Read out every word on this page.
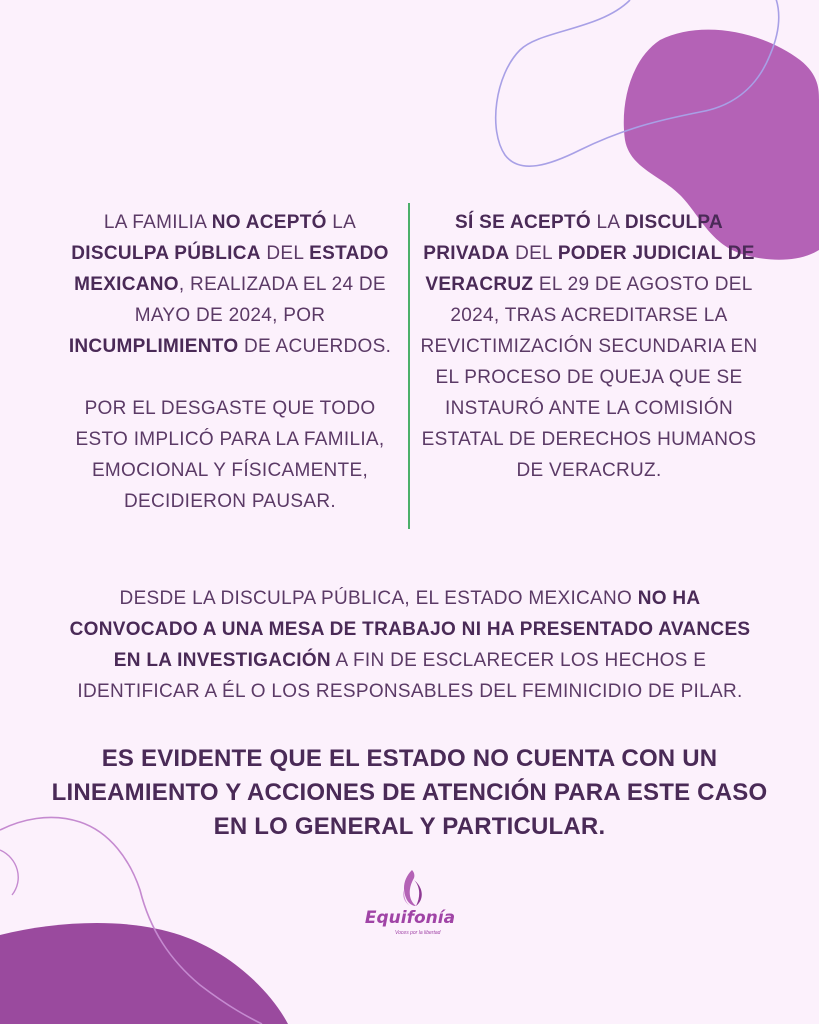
LA FAMILIA NO ACEPTÓ LA DISCULPA PÚBLICA DEL ESTADO MEXICANO, REALIZADA EL 24 DE MAYO DE 2024, POR INCUMPLIMIENTO DE ACUERDOS.

POR EL DESGASTE QUE TODO ESTO IMPLICÓ PARA LA FAMILIA, EMOCIONAL Y FÍSICAMENTE, DECIDIERON PAUSAR.

SÍ SE ACEPTÓ LA DISCULPA PRIVADA DEL PODER JUDICIAL DE VERACRUZ EL 29 DE AGOSTO DEL 2024, TRAS ACREDITARSE LA REVICTIMIZACIÓN SECUNDARIA EN EL PROCESO DE QUEJA QUE SE INSTAURÓ ANTE LA COMISIÓN ESTATAL DE DERECHOS HUMANOS DE VERACRUZ.

DESDE LA DISCULPA PÚBLICA, EL ESTADO MEXICANO NO HA CONVOCADO A UNA MESA DE TRABAJO NI HA PRESENTADO AVANCES EN LA INVESTIGACIÓN A FIN DE ESCLARECER LOS HECHOS E IDENTIFICAR A ÉL O LOS RESPONSABLES DEL FEMINICIDIO DE PILAR.

ES EVIDENTE QUE EL ESTADO NO CUENTA CON UN LINEAMIENTO Y ACCIONES DE ATENCIÓN PARA ESTE CASO EN LO GENERAL Y PARTICULAR.

Equifonía
Voces por la libertad
